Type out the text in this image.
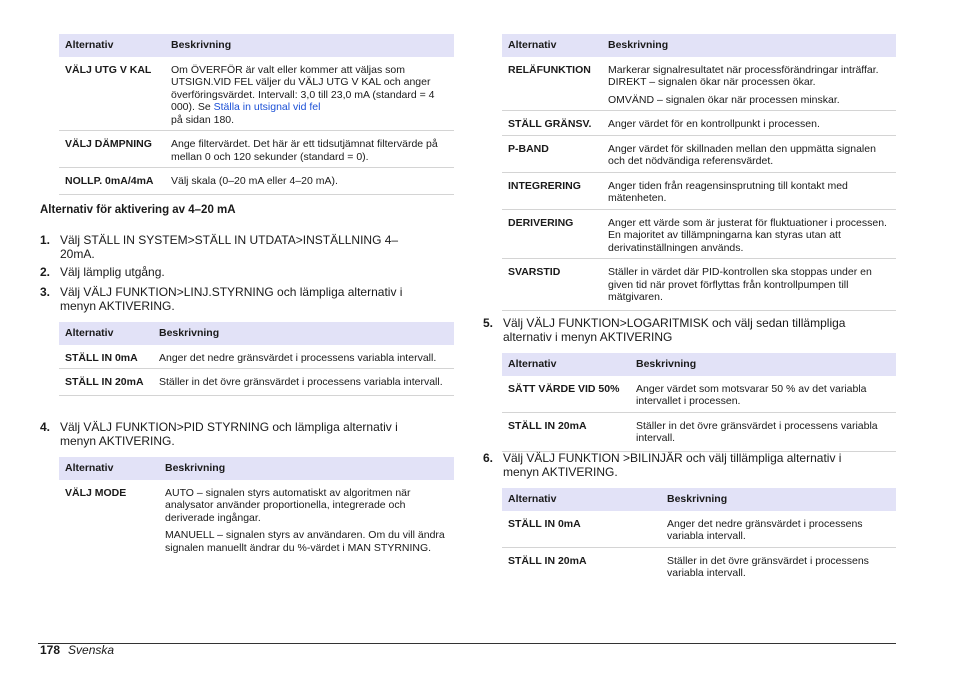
Alternativ	Beskrivning
VÄLJ UTG V KAL	Om ÖVERFÖR är valt eller kommer att väljas som UTSIGN.VID FEL väljer du VÄLJ UTG V KAL och anger överföringsvärdet. Intervall: 3,0 till 23,0 mA (standard = 4 000). Se Ställa in utsignal vid fel
på sidan 180.
VÄLJ DÄMPNING	Ange filtervärdet. Det här är ett tidsutjämnat filtervärde på mellan 0 och 120 sekunder (standard = 0).
NOLLP. 0mA/4mA	Välj skala (0–20 mA eller 4–20 mA).
Alternativ för aktivering av 4–20 mA
1. Välj STÄLL IN SYSTEM>STÄLL IN UTDATA>INSTÄLLNING 4–
20mA.
2. Välj lämplig utgång.
3. Välj VÄLJ FUNKTION>LINJ.STYRNING och lämpliga alternativ i
menyn AKTIVERING.
Alternativ	Beskrivning
STÄLL IN 0mA	Anger det nedre gränsvärdet i processens variabla intervall.
STÄLL IN 20mA	Ställer in det övre gränsvärdet i processens variabla intervall.
4. Välj VÄLJ FUNKTION>PID STYRNING och lämpliga alternativ i
menyn AKTIVERING.
Alternativ	Beskrivning
VÄLJ MODE	AUTO – signalen styrs automatiskt av algoritmen när analysator använder proportionella, integrerade och deriverade ingångar.
MANUELL – signalen styrs av användaren. Om du vill ändra signalen manuellt ändrar du %-värdet i MAN STYRNING.
Alternativ	Beskrivning
RELÄFUNKTION	Markerar signalresultatet när processförändringar inträffar.
DIREKT – signalen ökar när processen ökar.
OMVÄND – signalen ökar när processen minskar.

STÄLL GRÄNSV.	Anger värdet för en kontrollpunkt i processen.
P-BAND	Anger värdet för skillnaden mellan den uppmätta signalen och det nödvändiga referensvärdet.
INTEGRERING	Anger tiden från reagensinsprutning till kontakt med mätenheten.
DERIVERING	Anger ett värde som är justerat för fluktuationer i processen. En majoritet av tillämpningarna kan styras utan att derivatinställningen används.
SVARSTID	Ställer in värdet där PID-kontrollen ska stoppas under en given tid när provet förflyttas från kontrollpumpen till mätgivaren.
5. Välj VÄLJ FUNKTION>LOGARITMISK och välj sedan tillämpliga
alternativ i menyn AKTIVERING
Alternativ	Beskrivning
SÄTT VÄRDE VID 50%	Anger värdet som motsvarar 50 % av det variabla intervallet i processen.
STÄLL IN 20mA	Ställer in det övre gränsvärdet i processens variabla intervall.
6. Välj VÄLJ FUNKTION >BILINJÄR och välj tillämpliga alternativ i
menyn AKTIVERING.
Alternativ	Beskrivning
STÄLL IN 0mA	Anger det nedre gränsvärdet i processens variabla intervall.
STÄLL IN 20mA	Ställer in det övre gränsvärdet i processens variabla intervall.
178 Svenska
